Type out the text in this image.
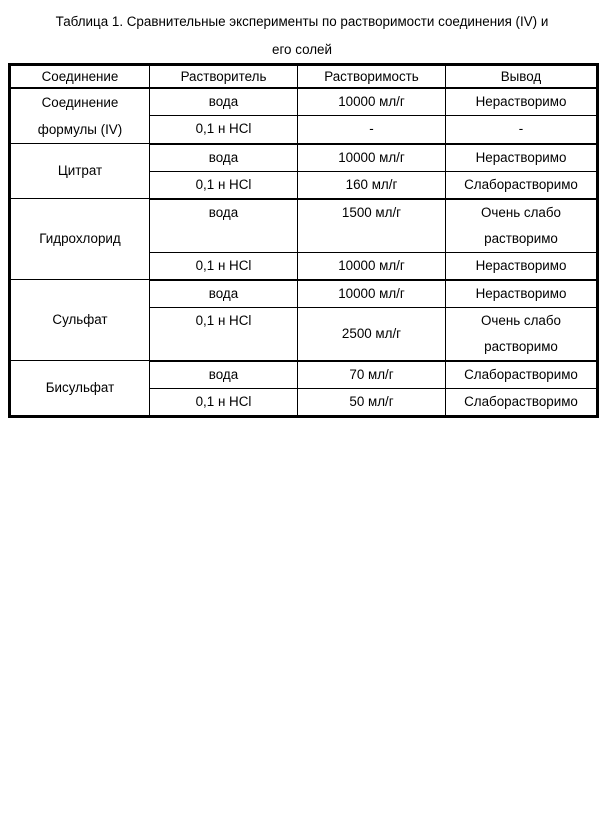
Таблица 1. Сравнительные эксперименты по растворимости соединения (IV) и
его солей
Соединение	Растворитель	Растворимость	Вывод

Соединение
формулы (IV)	вода	10000 мл/г	Нерастворимо
	0,1 н HCl	-	-
Цитрат	вода	10000 мл/г	Нерастворимо
	0,1 н HCl	160 мл/г	Слаборастворимо
Гидрохлорид	вода	1500 мл/г	Очень слабо
растворимо

	0,1 н HCl	10000 мл/г	Нерастворимо
Сульфат	вода	10000 мл/г	Нерастворимо
	0,1 н HCl	2500 мл/г	Очень слабо
растворимо

Бисульфат	вода	70 мл/г	Слаборастворимо
	0,1 н HCl	50 мл/г	Слаборастворимо
